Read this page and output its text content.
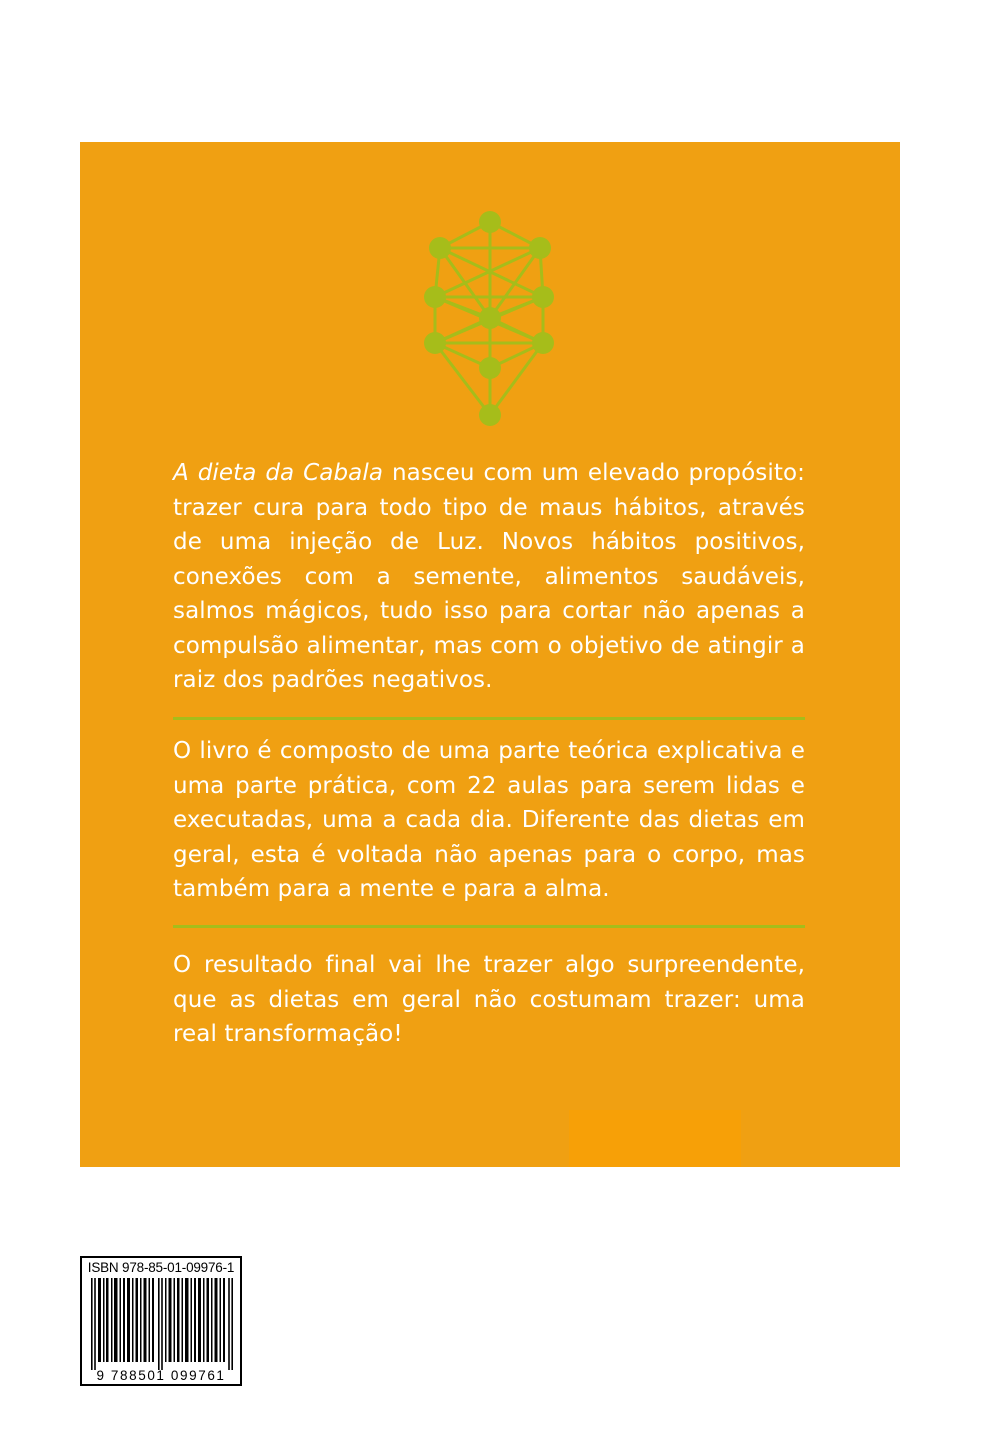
A dieta da Cabala nasceu com um elevado propósito: trazer cura para todo tipo de maus hábitos, através de uma injeção de Luz. Novos hábitos positivos, conexões com a semente, alimentos saudáveis, salmos mágicos, tudo isso para cortar não apenas a compulsão alimentar, mas com o objetivo de atingir a raiz dos padrões negativos.

O livro é composto de uma parte teórica explicativa e uma parte prática, com 22 aulas para serem lidas e executadas, uma a cada dia. Diferente das dietas em geral, esta é voltada não apenas para o corpo, mas também para a mente e para a alma.

O resultado final vai lhe trazer algo surpreendente, que as dietas em geral não costumam trazer: uma real transformação!

ISBN 978-85-01-09976-1
9 788501 099761
